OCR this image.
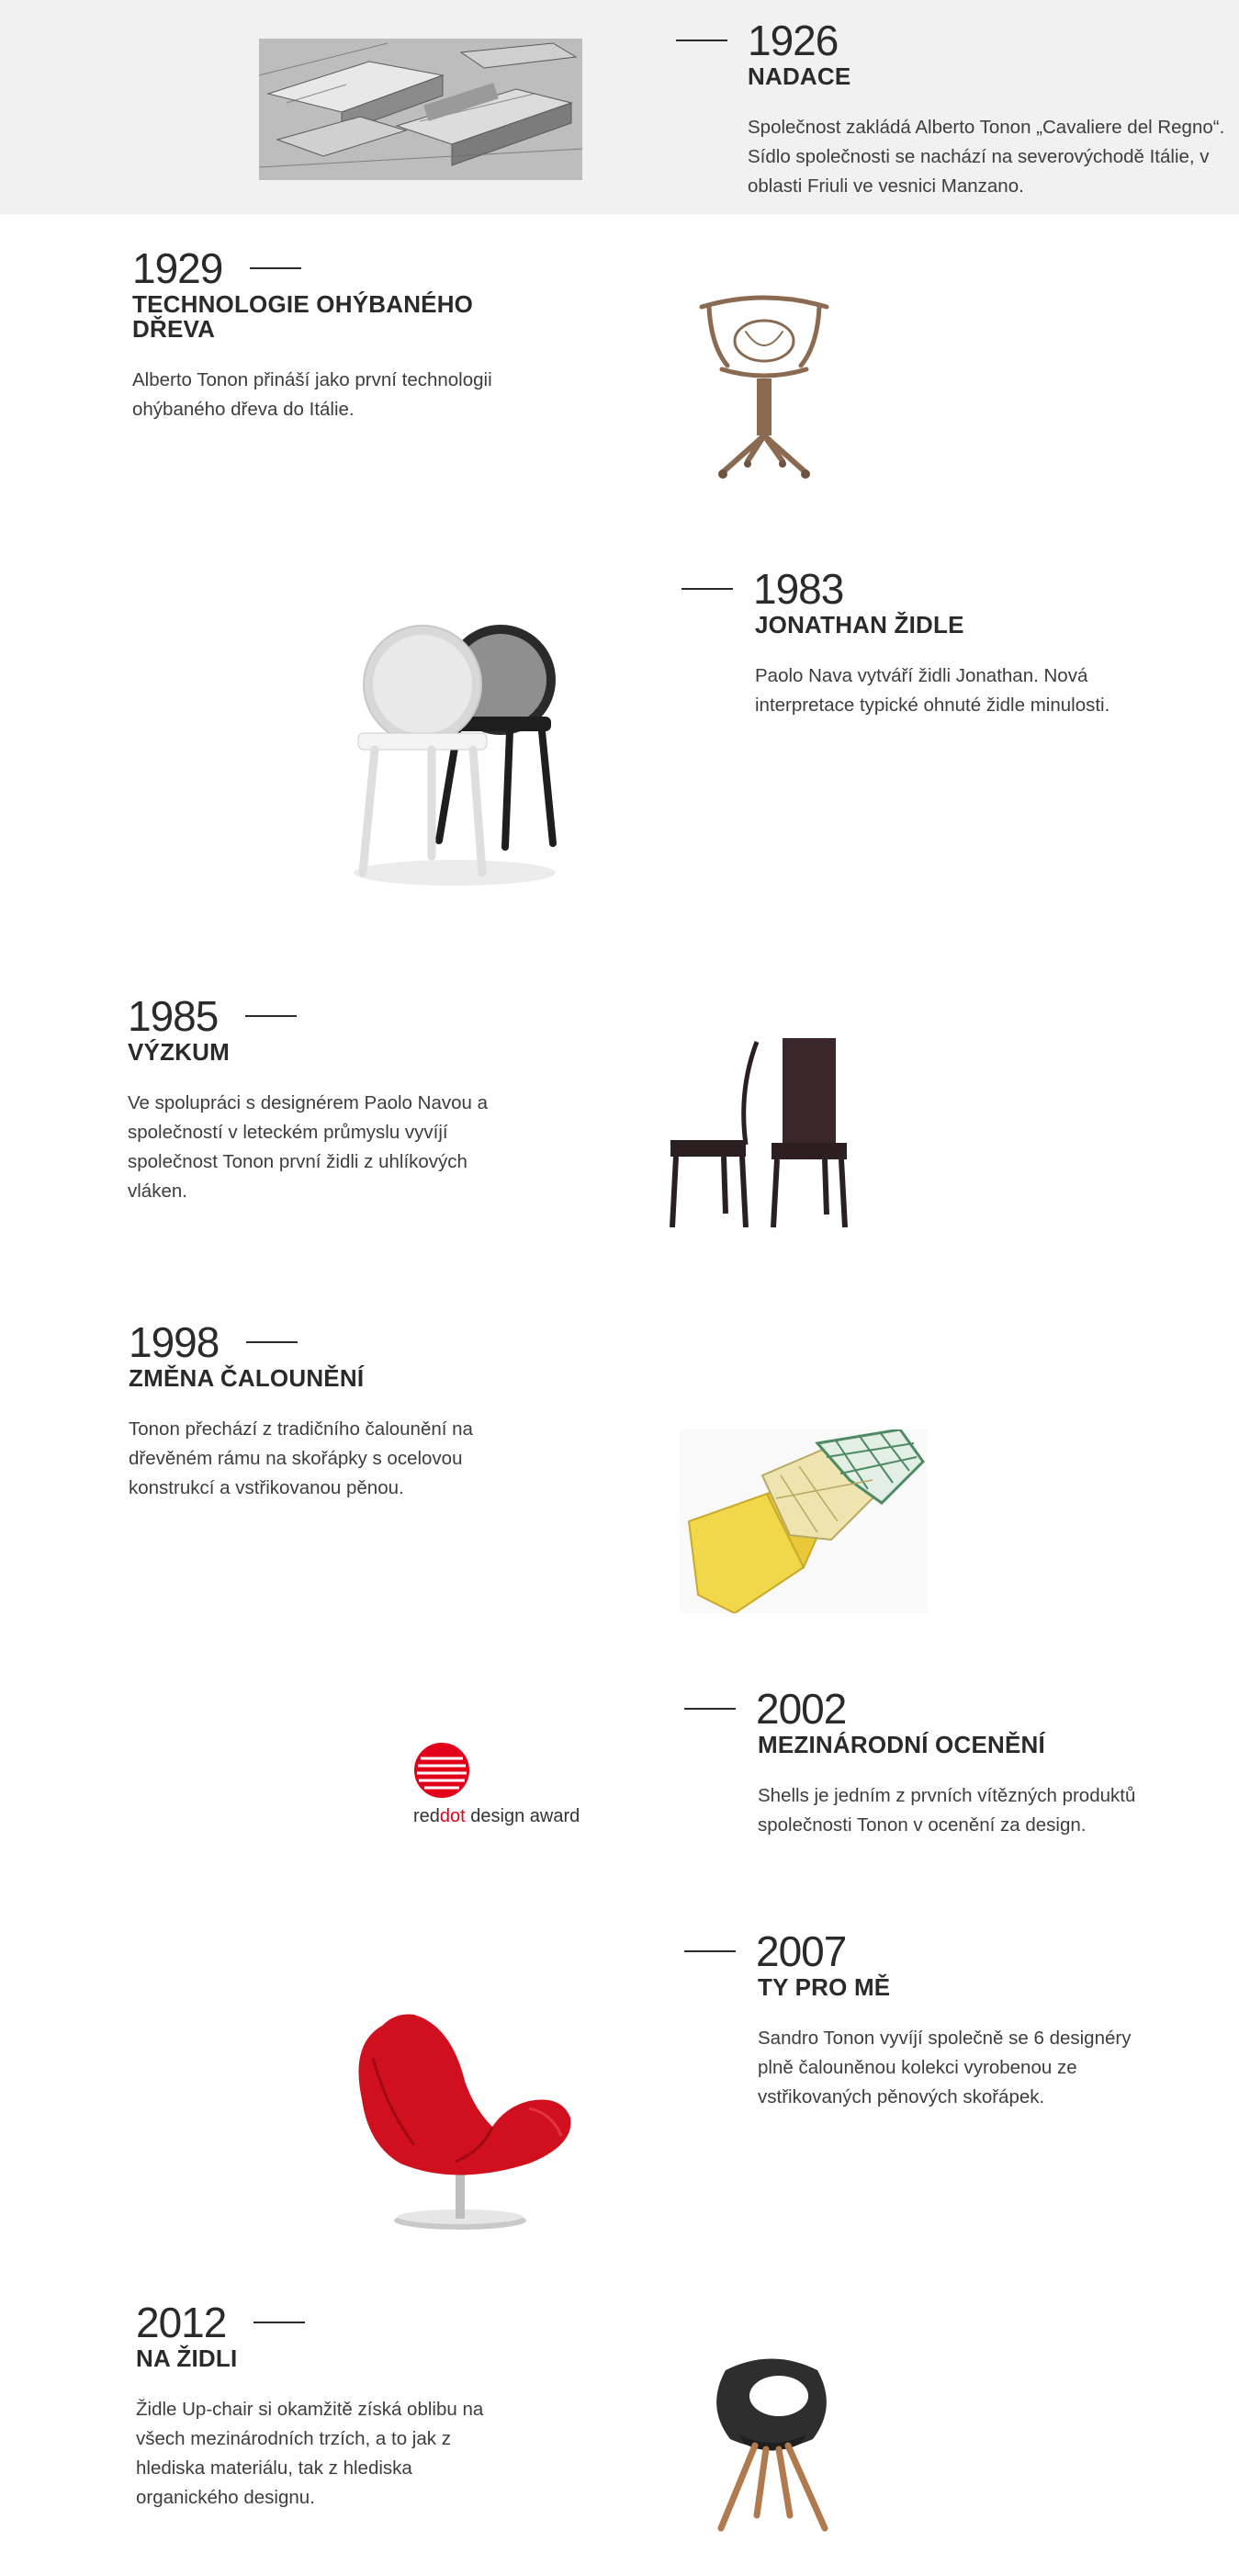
1926
NADACE
Společnost zakládá Alberto Tonon „Cavaliere del Regno“. Sídlo společnosti se nachází na severovýchodě Itálie, v oblasti Friuli ve vesnici Manzano.
1929
TECHNOLOGIE OHÝBANÉHO DŘEVA
Alberto Tonon přináší jako první technologii ohýbaného dřeva do Itálie.
1983
JONATHAN ŽIDLE
Paolo Nava vytváří židli Jonathan. Nová interpretace typické ohnuté židle minulosti.
1985
VÝZKUM
Ve spolupráci s designérem Paolo Navou a společností v leteckém průmyslu vyvíjí společnost Tonon první židli z uhlíkových vláken.
1998
ZMĚNA ČALOUNĚNÍ
Tonon přechází z tradičního čalounění na dřevěném rámu na skořápky s ocelovou konstrukcí a vstřikovanou pěnou.
reddot design award
2002
MEZINÁRODNÍ OCENĚNÍ
Shells je jedním z prvních vítězných produktů společnosti Tonon v ocenění za design.
2007
TY PRO MĚ
Sandro Tonon vyvíjí společně se 6 designéry plně čalouněnou kolekci vyrobenou ze vstřikovaných pěnových skořápek.
2012
NA ŽIDLI
Židle Up-chair si okamžitě získá oblibu na všech mezinárodních trzích, a to jak z hlediska materiálu, tak z hlediska organického designu.
